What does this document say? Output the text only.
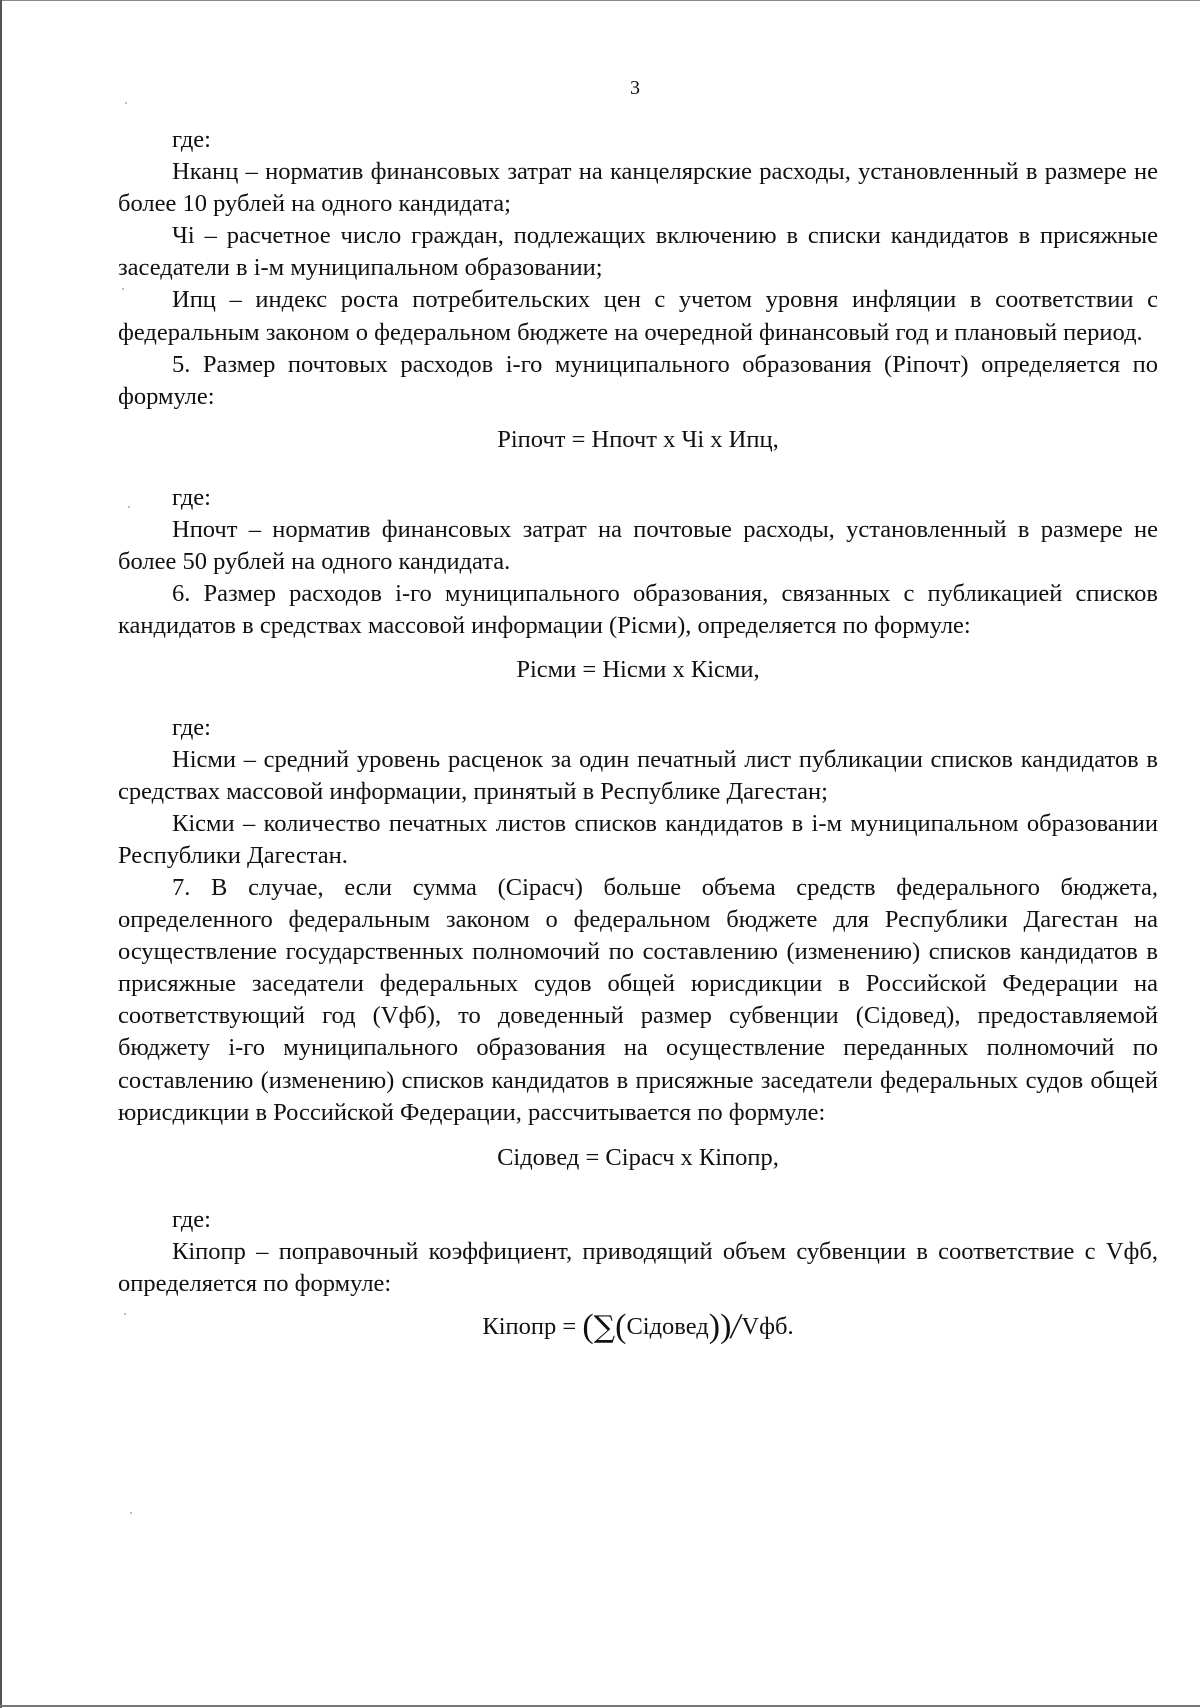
3

где:

Нканц – норматив финансовых затрат на канцелярские расходы, установленный в размере не более 10 рублей на одного кандидата;

Чi – расчетное число граждан, подлежащих включению в списки кандидатов в присяжные заседатели в i-м муниципальном образовании;

Ипц – индекс роста потребительских цен с учетом уровня инфляции в соответствии с федеральным законом о федеральном бюджете на очередной финансовый год и плановый период.

5. Размер почтовых расходов i-го муниципального образования (Рiпочт) определяется по формуле:

Рiпочт = Нпочт х Чi х Ипц,

где:

Нпочт – норматив финансовых затрат на почтовые расходы, установленный в размере не более 50 рублей на одного кандидата.

6. Размер расходов i-го муниципального образования, связанных с публикацией списков кандидатов в средствах массовой информации (Рiсми), определяется по формуле:

Рiсми = Нiсми х Кiсми,

где:

Нiсми – средний уровень расценок за один печатный лист публикации списков кандидатов в средствах массовой информации, принятый в Республике Дагестан;

Кiсми – количество печатных листов списков кандидатов в i-м муниципальном образовании Республики Дагестан.

7. В случае, если сумма (Сiрасч) больше объема средств федерального бюджета, определенного федеральным законом о федеральном бюджете для Республики Дагестан на осуществление государственных полномочий по составлению (изменению) списков кандидатов в присяжные заседатели федеральных судов общей юрисдикции в Российской Федерации на соответствующий год (Vфб), то доведенный размер субвенции (Сiдовед), предоставляемой бюджету i-го муниципального образования на осуществление переданных полномочий по составлению (изменению) списков кандидатов в присяжные заседатели федеральных судов общей юрисдикции в Российской Федерации, рассчитывается по формуле:

Сiдовед = Сiрасч х Кiпопр,

где:

Кiпопр – поправочный коэффициент, приводящий объем субвенции в соответствие с Vфб, определяется по формуле:

Кiпопр = (∑(Сiдовед))/Vфб.
